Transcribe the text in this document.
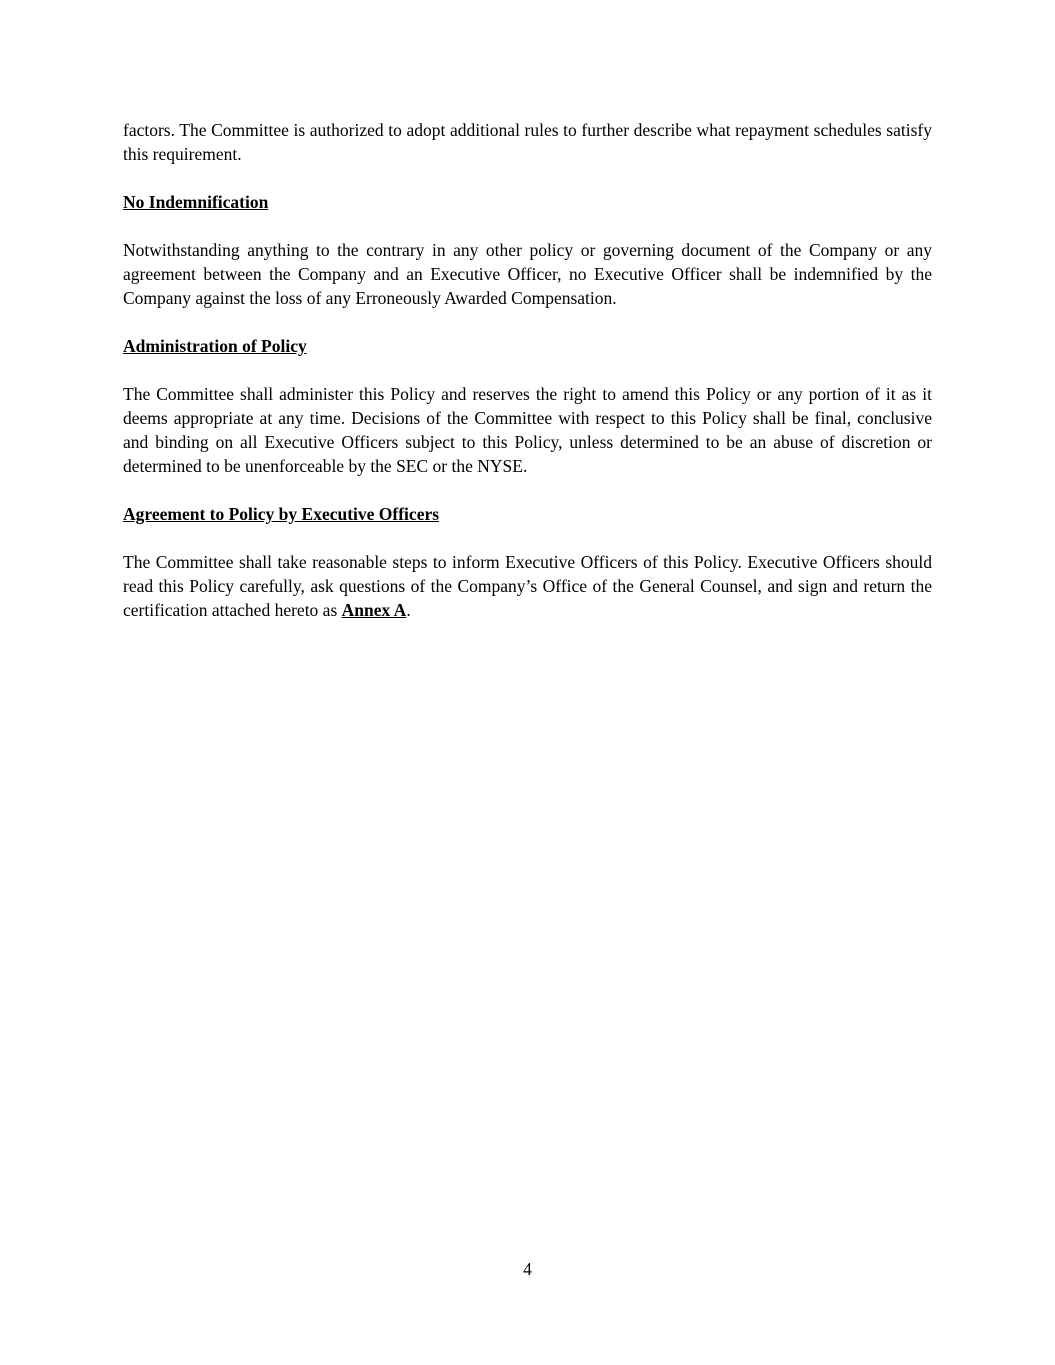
factors. The Committee is authorized to adopt additional rules to further describe what repayment schedules satisfy this requirement.

No Indemnification

Notwithstanding anything to the contrary in any other policy or governing document of the Company or any agreement between the Company and an Executive Officer, no Executive Officer shall be indemnified by the Company against the loss of any Erroneously Awarded Compensation.

Administration of Policy

The Committee shall administer this Policy and reserves the right to amend this Policy or any portion of it as it deems appropriate at any time. Decisions of the Committee with respect to this Policy shall be final, conclusive and binding on all Executive Officers subject to this Policy, unless determined to be an abuse of discretion or determined to be unenforceable by the SEC or the NYSE.

Agreement to Policy by Executive Officers

The Committee shall take reasonable steps to inform Executive Officers of this Policy. Executive Officers should read this Policy carefully, ask questions of the Company’s Office of the General Counsel, and sign and return the certification attached hereto as Annex A.

4
